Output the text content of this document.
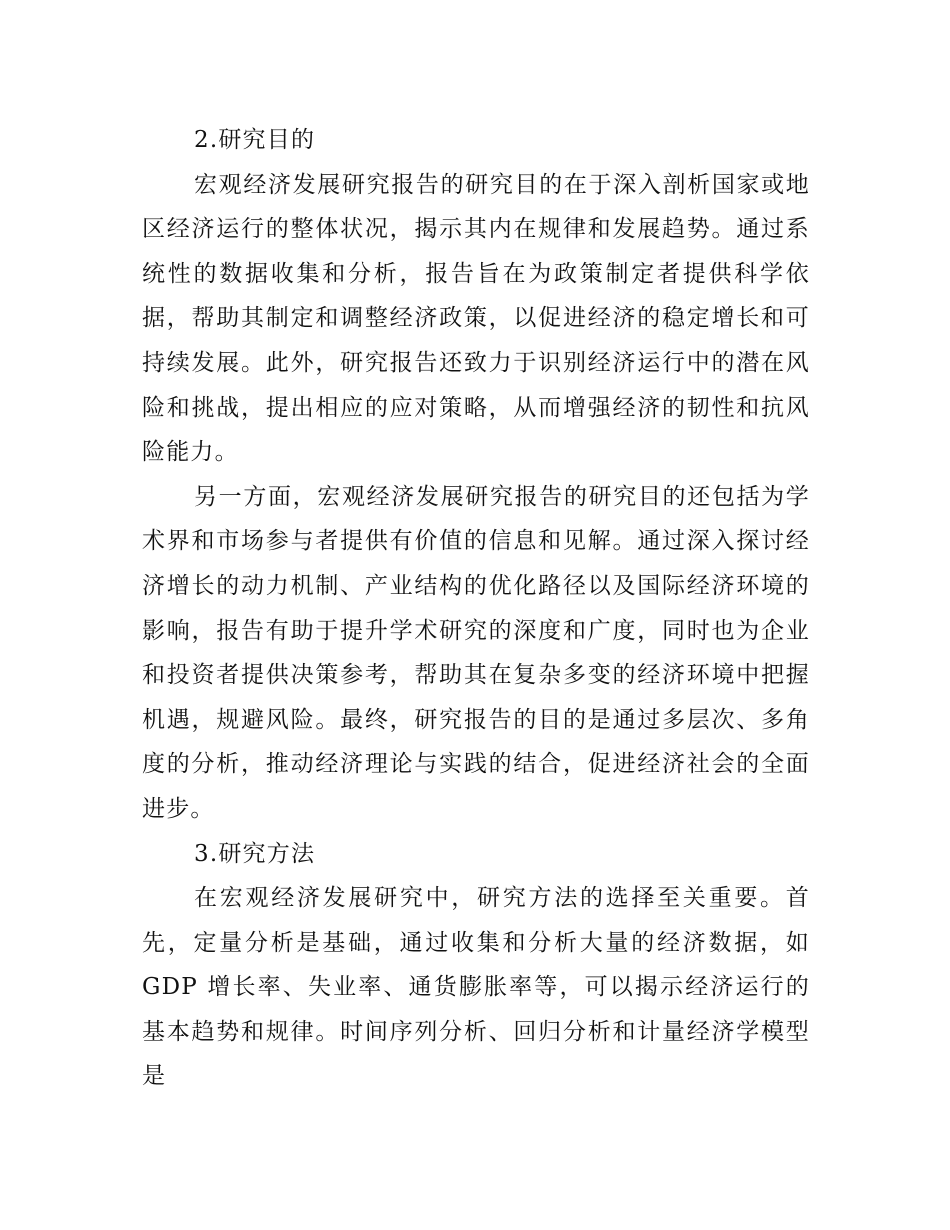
2.研究目的

宏观经济发展研究报告的研究目的在于深入剖析国家或地区经济运行的整体状况，揭示其内在规律和发展趋势。通过系统性的数据收集和分析，报告旨在为政策制定者提供科学依据，帮助其制定和调整经济政策，以促进经济的稳定增长和可持续发展。此外，研究报告还致力于识别经济运行中的潜在风险和挑战，提出相应的应对策略，从而增强经济的韧性和抗风险能力。

另一方面，宏观经济发展研究报告的研究目的还包括为学术界和市场参与者提供有价值的信息和见解。通过深入探讨经济增长的动力机制、产业结构的优化路径以及国际经济环境的影响，报告有助于提升学术研究的深度和广度，同时也为企业和投资者提供决策参考，帮助其在复杂多变的经济环境中把握机遇，规避风险。最终，研究报告的目的是通过多层次、多角度的分析，推动经济理论与实践的结合，促进经济社会的全面进步。

3.研究方法

在宏观经济发展研究中，研究方法的选择至关重要。首先，定量分析是基础，通过收集和分析大量的经济数据，如GDP 增长率、失业率、通货膨胀率等，可以揭示经济运行的基本趋势和规律。时间序列分析、回归分析和计量经济学模型是
